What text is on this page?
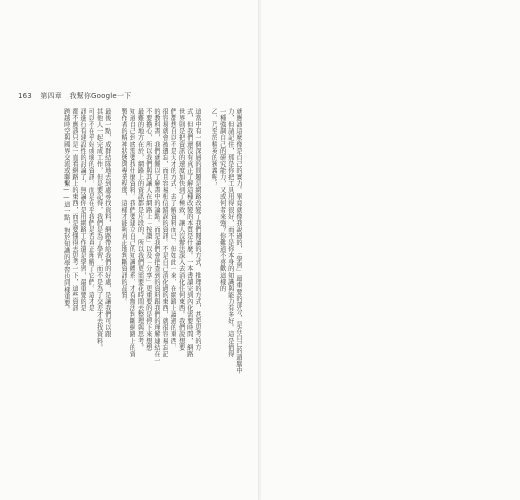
163 第四章 我幫你Google一下
就應該這麼像是自己的實力。畢竟就像我說過的，「學習」最重要的部分，是在自己的頭腦中
力，但請記住，那是你把工具用得很好，而不是你本身的知識與能力有多好。這是值得
一種強調自己的研究能力，又或何者來強？你難道不喜歡這樣的
乙，乃至於精英的狹義呢？
這當中有一個深層的問題是網路改變了我們閱讀的方式、推理的方式，甚至思考的方
式，但我們還沒有真正了解這種改變的本質是什麼。一本書讀完到內化需要時間，網路
世界則是把資訊的速度加快到了極致，讓人沒辦法深入去消化任何東西。我們說想要
們都想自以不是天才的方式，去了解資料而已。但如此一來，在網路上讀過的東西，
很容易就會被遺忘，而且容易相信錯誤的資訊。不是自己消化過的東西，就很容易忘記
的教科書，我們就難以了解書中的論點。而是我們會把查到的資料跟我們的理解連結在一
不要擔心，所以我們與其讓人在網路上「按讚」以及「分享」更重要的是停下來想想
最難的地方在於，網路上的資訊都是片段的，所以我們更需要花時間去整理與思考。
知道自己到底需要找什麼資料。我們要建立自己的知識體系，才有辦法判斷網路上的資
製作者的精神狀態與專業程度，這樣才能夠真正地判斷資訊的品質。
最後一點，成群結隊地去到處尋找資料，網路帶給我們的好處，是讓我們可以跟
其他人一起完成工作，但是要記得，我們是為了學習，而不是為了交差才去找資料。
可以不在乎好或壞的資訊，而是在乎我們是否真正理解了它們。這才是
訊進行有建設性的討論了，無論你是用網路工作還是學習，最重要的是
都不應該只是一直看網路上的東西，而是要懂得去思考一下，這些資訊
跨越時空與國界交流或聯繫——這一點，對於知識的學習也同樣重要。
